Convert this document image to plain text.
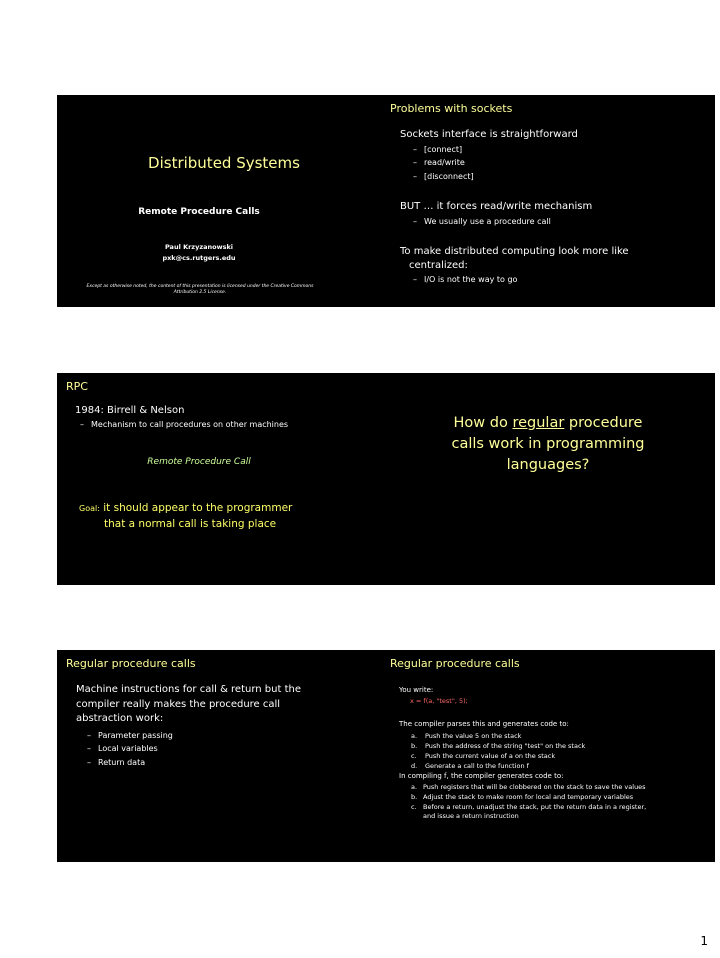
Distributed Systems
Remote Procedure Calls
Paul Krzyzanowski
pxk@cs.rutgers.edu
Except as otherwise noted, the content of this presentation is licensed under the Creative Commons Attribution 2.5 License.
Problems with sockets
Sockets interface is straightforward
– [connect]
– read/write
– [disconnect]
BUT … it forces read/write mechanism
– We usually use a procedure call
To make distributed computing look more like
centralized:
– I/O is not the way to go
RPC
1984: Birrell & Nelson
– Mechanism to call procedures on other machines
Remote Procedure Call
Goal: it should appear to the programmer
that a normal call is taking place
How do regular procedure
calls work in programming
languages?
Regular procedure calls
Machine instructions for call & return but the
compiler really makes the procedure call
abstraction work:
– Parameter passing
– Local variables
– Return data
Regular procedure calls
You write:
x = f(a, "test", 5);
The compiler parses this and generates code to:
a. Push the value 5 on the stack
b. Push the address of the string "test" on the stack
c. Push the current value of a on the stack
d. Generate a call to the function f
In compiling f, the compiler generates code to:
a. Push registers that will be clobbered on the stack to save the values
b. Adjust the stack to make room for local and temporary variables
c. Before a return, unadjust the stack, put the return data in a register,
and issue a return instruction
1
